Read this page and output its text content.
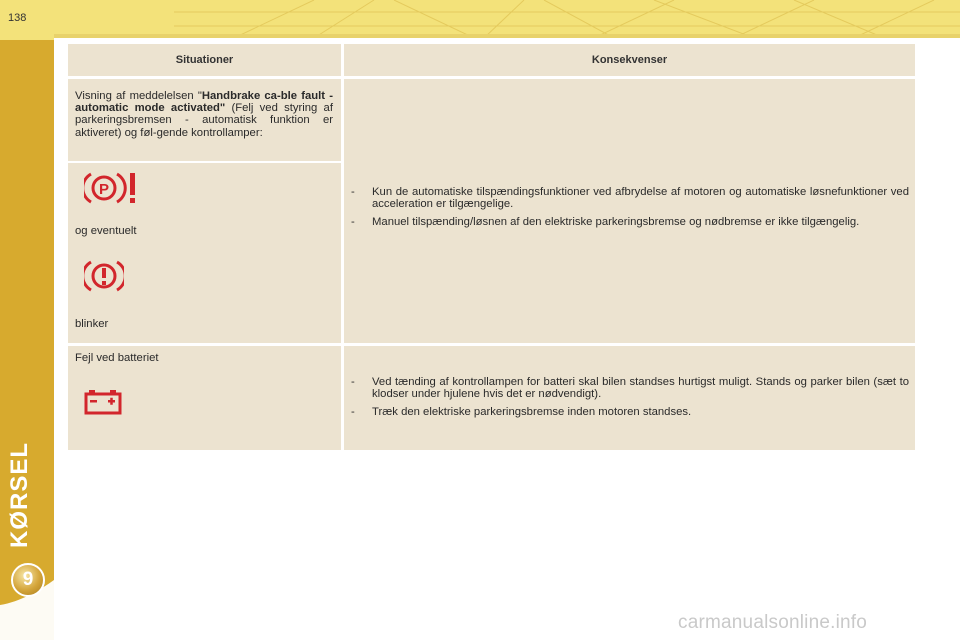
138
KØRSEL
9
Situationer	Konsekvenser
Visning af meddelelsen "Handbrake ca-ble fault - automatic mode activated" (Felj ved styring af parkeringsbremsen - automatisk funktion er aktiveret) og føl-gende kontrollamper:
P
og eventuelt
blinker
- Kun de automatiske tilspændingsfunktioner ved afbrydelse af motoren og automatiske løsnefunktioner ved acceleration er tilgængelige.
- Manuel tilspænding/løsnen af den elektriske parkeringsbremse og nødbremse er ikke tilgængelig.
Fejl ved batteriet
- Ved tænding af kontrollampen for batteri skal bilen standses hurtigst muligt. Stands og parker bilen (sæt to klodser under hjulene hvis det er nødvendigt).
- Træk den elektriske parkeringsbremse inden motoren standses.
carmanualsonline.info
